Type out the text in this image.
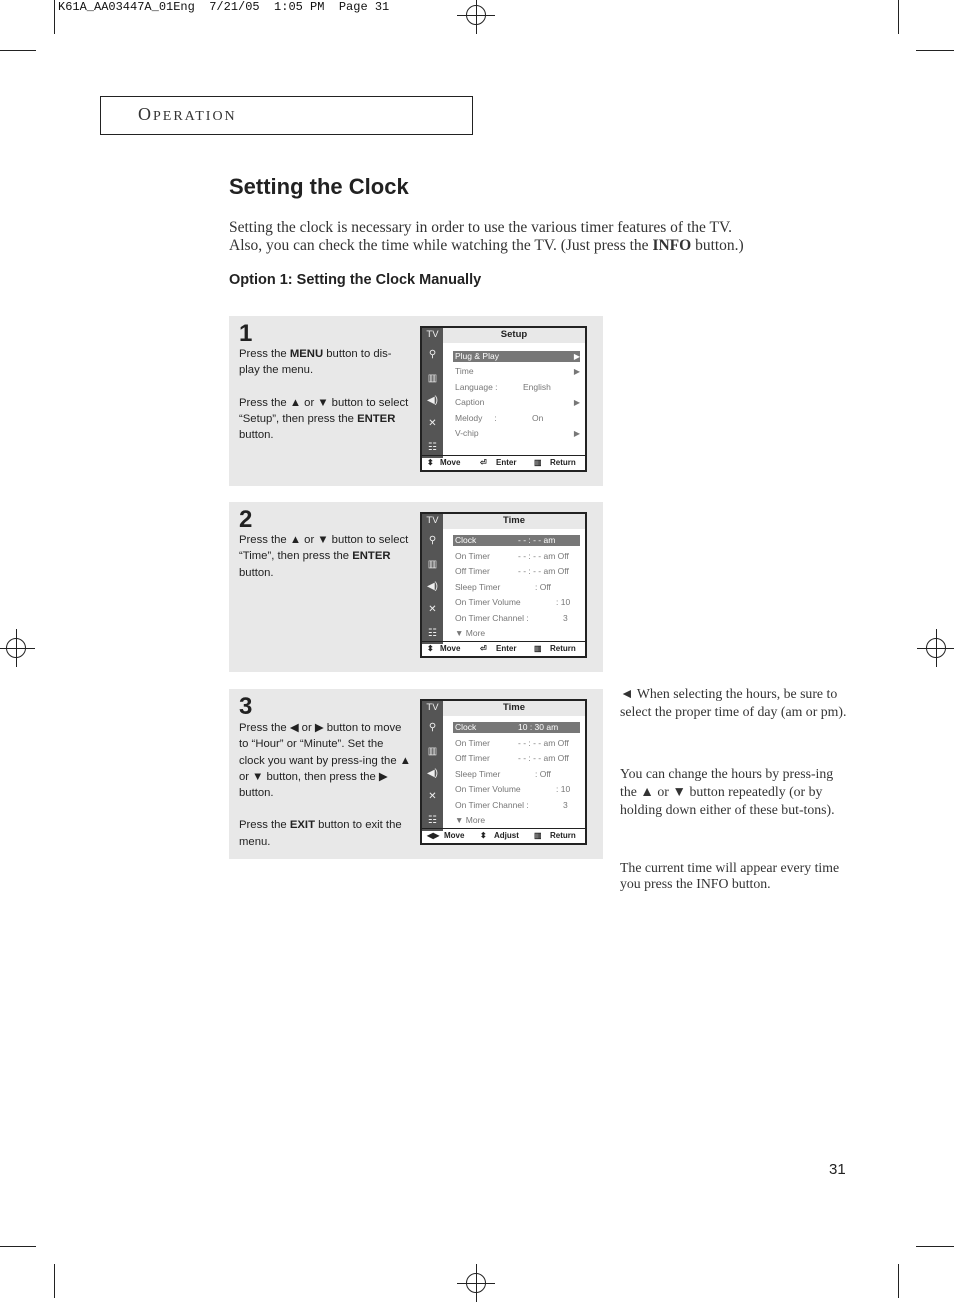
K61A_AA03447A_01Eng  7/21/05  1:05 PM  Page 31
OPERATION
Setting the Clock
Setting the clock is necessary in order to use the various timer features of the TV.
Also, you can check the time while watching the TV. (Just press the INFO button.)
Option 1: Setting the Clock Manually
1

Press the MENU button to dis-play the menu.

Press the ▲ or ▼ button to select “Setup”, then press the ENTER button.

TV
⚲
▥
◀)
✕
☷
Setup
Plug & Play	▶
Time	▶
Language :	English
Caption	▶
Melody     :	On
V-chip	▶
⬍ Move ⏎ Enter ▥ Return
2

Press the ▲ or ▼ button to select “Time”, then press the ENTER button.

TV
⚲
▥
◀)
✕
☷
Time
Clock	- - : - - am
On Timer	- - : - - am Off
Off Timer	- - : - - am Off
Sleep Timer	: Off
On Timer Volume	: 10
On Timer Channel :	3
▼ More
⬍ Move ⏎ Enter ▥ Return
3

Press the ◀ or ▶ button to move to “Hour” or “Minute”. Set the clock you want by press-ing the ▲ or ▼ button, then press the ▶ button.

Press the EXIT button to exit the menu.

TV
⚲
▥
◀)
✕
☷
Time
Clock	10 : 30 am
On Timer	- - : - - am Off
Off Timer	- - : - - am Off
Sleep Timer	: Off
On Timer Volume	: 10
On Timer Channel :	3
▼ More
◀▶ Move ⬍ Adjust ▥ Return
◄ When selecting the hours, be sure to select the proper time of day (am or pm).
You can change the hours by press-ing the ▲ or ▼ button repeatedly (or by holding down either of these but-tons).
The current time will appear every time you press the INFO button.
31
